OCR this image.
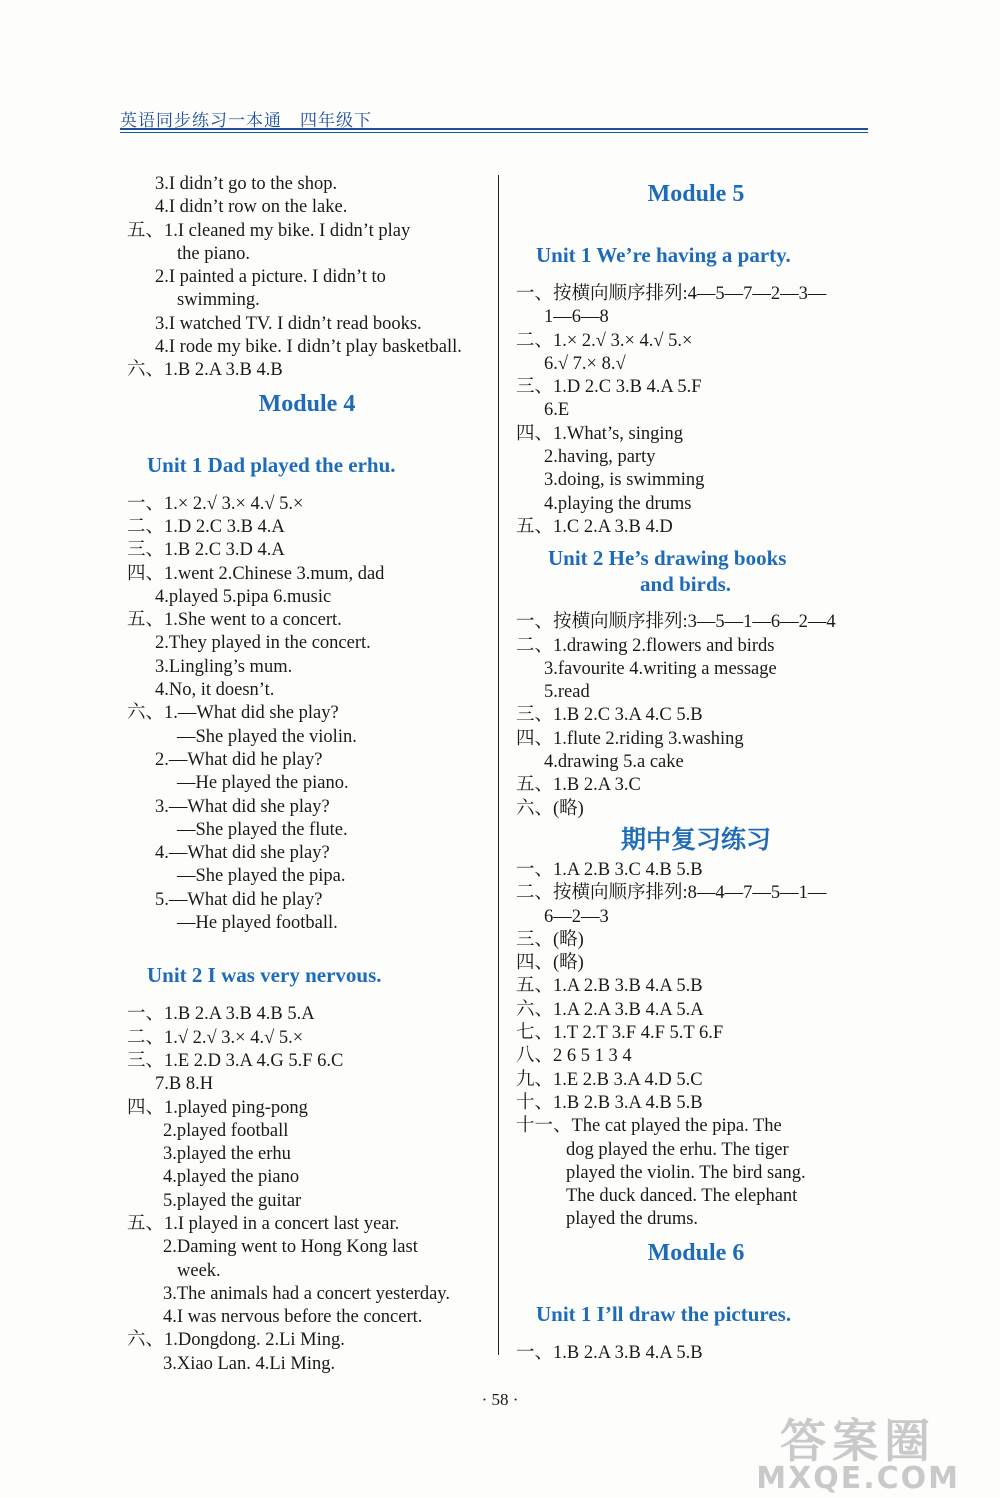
英语同步练习一本通 四年级下
3.I didn’t go to the shop.
4.I didn’t row on the lake.
五、1.I cleaned my bike. I didn’t play
the piano.
2.I painted a picture. I didn’t to
swimming.
3.I watched TV. I didn’t read books.
4.I rode my bike. I didn’t play basketball.
六、1.B 2.A 3.B 4.B
Module 4
Unit 1 Dad played the erhu.
一、1.× 2.√ 3.× 4.√ 5.×
二、1.D 2.C 3.B 4.A
三、1.B 2.C 3.D 4.A
四、1.went 2.Chinese 3.mum, dad
4.played 5.pipa 6.music
五、1.She went to a concert.
2.They played in the concert.
3.Lingling’s mum.
4.No, it doesn’t.
六、1.—What did she play?
—She played the violin.
2.—What did he play?
—He played the piano.
3.—What did she play?
—She played the flute.
4.—What did she play?
—She played the pipa.
5.—What did he play?
—He played football.
Unit 2 I was very nervous.
一、1.B 2.A 3.B 4.B 5.A
二、1.√ 2.√ 3.× 4.√ 5.×
三、1.E 2.D 3.A 4.G 5.F 6.C
7.B 8.H
四、1.played ping-pong
2.played football
3.played the erhu
4.played the piano
5.played the guitar
五、1.I played in a concert last year.
2.Daming went to Hong Kong last
week.
3.The animals had a concert yesterday.
4.I was nervous before the concert.
六、1.Dongdong. 2.Li Ming.
3.Xiao Lan. 4.Li Ming.
Module 5
Unit 1 We’re having a party.
一、按横向顺序排列:4—5—7—2—3—
1—6—8
二、1.× 2.√ 3.× 4.√ 5.×
6.√ 7.× 8.√
三、1.D 2.C 3.B 4.A 5.F
6.E
四、1.What’s, singing
2.having, party
3.doing, is swimming
4.playing the drums
五、1.C 2.A 3.B 4.D
Unit 2 He’s drawing books
and birds.
一、按横向顺序排列:3—5—1—6—2—4
二、1.drawing 2.flowers and birds
3.favourite 4.writing a message
5.read
三、1.B 2.C 3.A 4.C 5.B
四、1.flute 2.riding 3.washing
4.drawing 5.a cake
五、1.B 2.A 3.C
六、(略)
期中复习练习
一、1.A 2.B 3.C 4.B 5.B
二、按横向顺序排列:8—4—7—5—1—
6—2—3
三、(略)
四、(略)
五、1.A 2.B 3.B 4.A 5.B
六、1.A 2.A 3.B 4.A 5.A
七、1.T 2.T 3.F 4.F 5.T 6.F
八、2 6 5 1 3 4
九、1.E 2.B 3.A 4.D 5.C
十、1.B 2.B 3.A 4.B 5.B
十一、The cat played the pipa. The
dog played the erhu. The tiger
played the violin. The bird sang.
The duck danced. The elephant
played the drums.
Module 6
Unit 1 I’ll draw the pictures.
一、1.B 2.A 3.B 4.A 5.B
· 58 ·
答案圈
MXQE.COM
